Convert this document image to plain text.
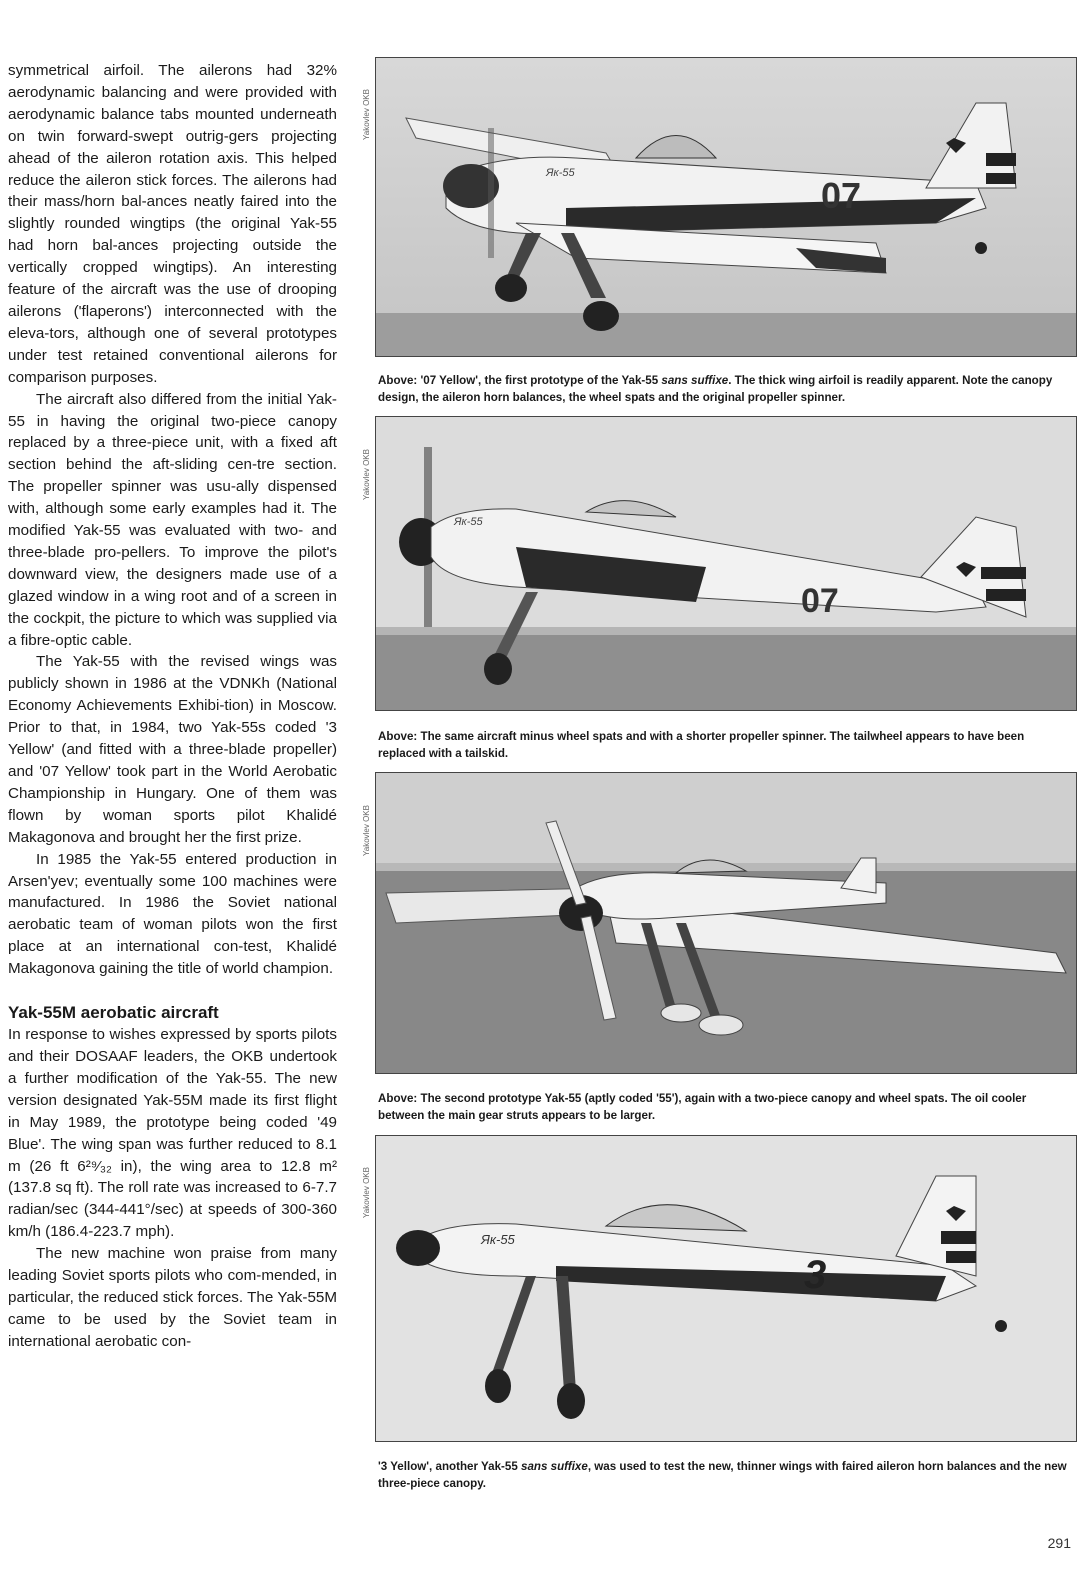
symmetrical airfoil. The ailerons had 32% aerodynamic balancing and were provided with aerodynamic balance tabs mounted underneath on twin forward-swept outrig-gers projecting ahead of the aileron rotation axis. This helped reduce the aileron stick forces. The ailerons had their mass/horn bal-ances neatly faired into the slightly rounded wingtips (the original Yak-55 had horn bal-ances projecting outside the vertically cropped wingtips). An interesting feature of the aircraft was the use of drooping ailerons ('flaperons') interconnected with the eleva-tors, although one of several prototypes under test retained conventional ailerons for comparison purposes.

The aircraft also differed from the initial Yak-55 in having the original two-piece canopy replaced by a three-piece unit, with a fixed aft section behind the aft-sliding cen-tre section. The propeller spinner was usu-ally dispensed with, although some early examples had it. The modified Yak-55 was evaluated with two- and three-blade pro-pellers. To improve the pilot's downward view, the designers made use of a glazed window in a wing root and of a screen in the cockpit, the picture to which was supplied via a fibre-optic cable.

The Yak-55 with the revised wings was publicly shown in 1986 at the VDNKh (National Economy Achievements Exhibi-tion) in Moscow. Prior to that, in 1984, two Yak-55s coded '3 Yellow' (and fitted with a three-blade propeller) and '07 Yellow' took part in the World Aerobatic Championship in Hungary. One of them was flown by woman sports pilot Khalidé Makagonova and brought her the first prize.

In 1985 the Yak-55 entered production in Arsen'yev; eventually some 100 machines were manufactured. In 1986 the Soviet national aerobatic team of woman pilots won the first place at an international con-test, Khalidé Makagonova gaining the title of world champion.

Yak-55M aerobatic aircraft

In response to wishes expressed by sports pilots and their DOSAAF leaders, the OKB undertook a further modification of the Yak-55. The new version designated Yak-55M made its first flight in May 1989, the prototype being coded '49 Blue'. The wing span was further reduced to 8.1 m (26 ft 6²⁹⁄₃₂ in), the wing area to 12.8 m² (137.8 sq ft). The roll rate was increased to 6-7.7 radian/sec (344-441°/sec) at speeds of 300-360 km/h (186.4-223.7 mph).

The new machine won praise from many leading Soviet sports pilots who com-mended, in particular, the reduced stick forces. The Yak-55M came to be used by the Soviet team in international aerobatic con-

Yakovlev OKB
07
Як-55
Above: '07 Yellow', the first prototype of the Yak-55 sans suffixe. The thick wing airfoil is readily apparent. Note the canopy design, the aileron horn balances, the wheel spats and the original propeller spinner.
Yakovlev OKB
07
Як-55
Above: The same aircraft minus wheel spats and with a shorter propeller spinner. The tailwheel appears to have been replaced with a tailskid.
Yakovlev OKB
Above: The second prototype Yak-55 (aptly coded '55'), again with a two-piece canopy and wheel spats. The oil cooler between the main gear struts appears to be larger.
Yakovlev OKB
3
Як-55
'3 Yellow', another Yak-55 sans suffixe, was used to test the new, thinner wings with faired aileron horn balances and the new three-piece canopy.
291
